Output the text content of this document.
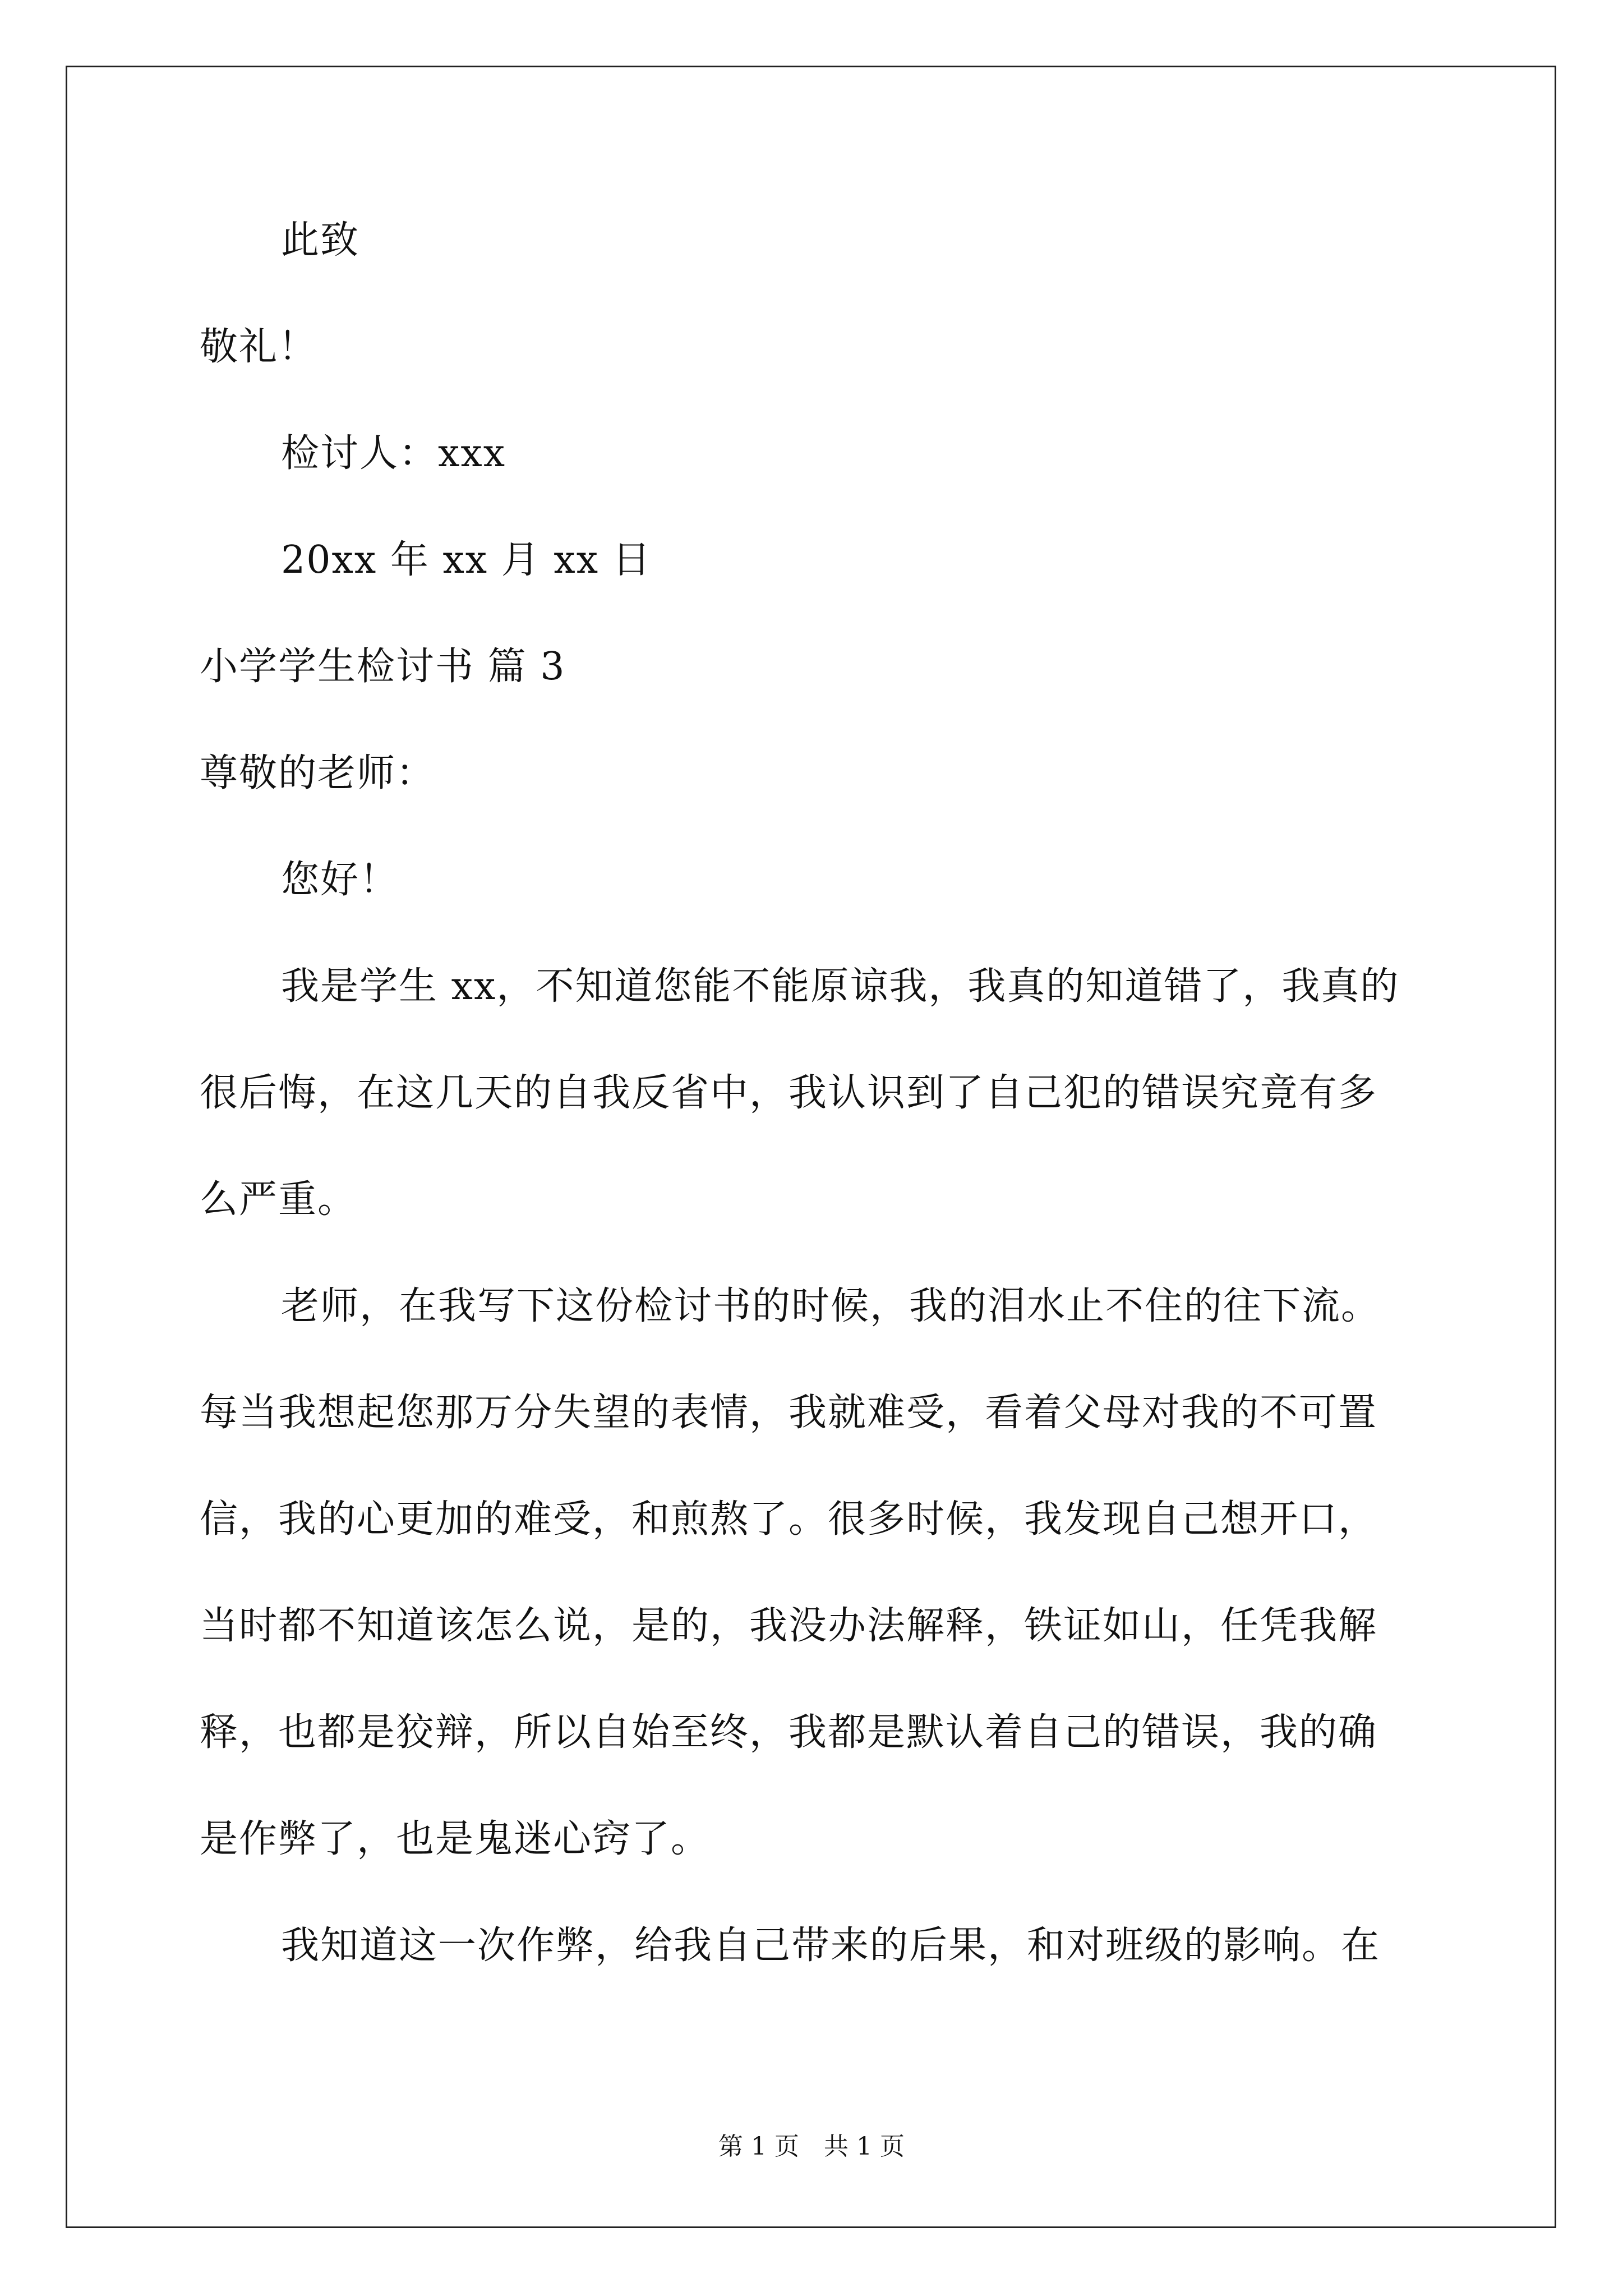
此致

敬礼！

检讨人：xxx

20xx 年 xx 月 xx 日

小学学生检讨书 篇 3

尊敬的老师：

您好！

我是学生 xx，不知道您能不能原谅我，我真的知道错了，我真的

很后悔，在这几天的自我反省中，我认识到了自己犯的错误究竟有多

么严重。

老师，在我写下这份检讨书的时候，我的泪水止不住的往下流。

每当我想起您那万分失望的表情，我就难受，看着父母对我的不可置

信，我的心更加的难受，和煎熬了。很多时候，我发现自己想开口，

当时都不知道该怎么说，是的，我没办法解释，铁证如山，任凭我解

释，也都是狡辩，所以自始至终，我都是默认着自己的错误，我的确

是作弊了，也是鬼迷心窍了。

我知道这一次作弊，给我自己带来的后果，和对班级的影响。在

第 1 页　共 1 页
